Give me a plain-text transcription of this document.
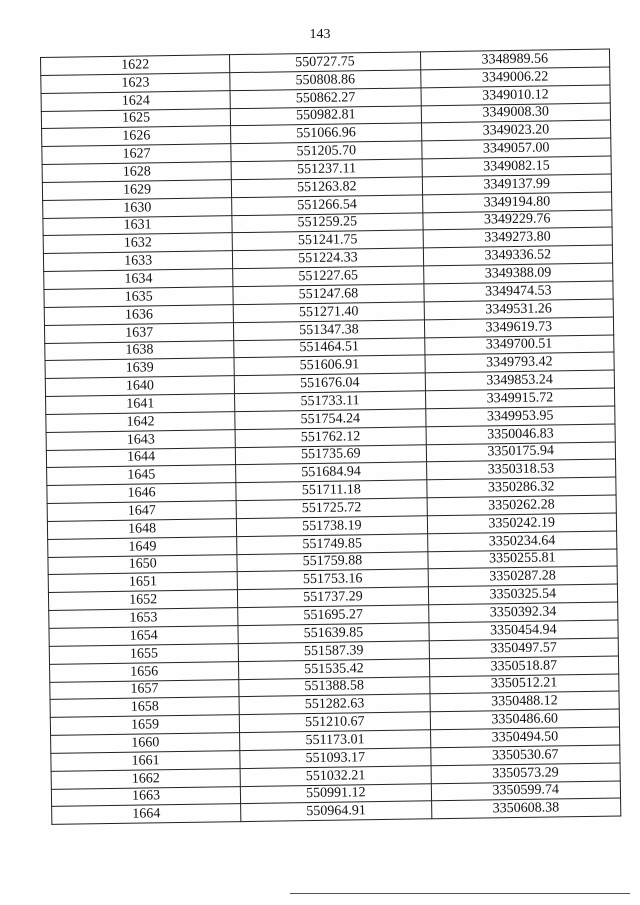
143
1622	550727.75	3348989.56
1623	550808.86	3349006.22
1624	550862.27	3349010.12
1625	550982.81	3349008.30
1626	551066.96	3349023.20
1627	551205.70	3349057.00
1628	551237.11	3349082.15
1629	551263.82	3349137.99
1630	551266.54	3349194.80
1631	551259.25	3349229.76
1632	551241.75	3349273.80
1633	551224.33	3349336.52
1634	551227.65	3349388.09
1635	551247.68	3349474.53
1636	551271.40	3349531.26
1637	551347.38	3349619.73
1638	551464.51	3349700.51
1639	551606.91	3349793.42
1640	551676.04	3349853.24
1641	551733.11	3349915.72
1642	551754.24	3349953.95
1643	551762.12	3350046.83
1644	551735.69	3350175.94
1645	551684.94	3350318.53
1646	551711.18	3350286.32
1647	551725.72	3350262.28
1648	551738.19	3350242.19
1649	551749.85	3350234.64
1650	551759.88	3350255.81
1651	551753.16	3350287.28
1652	551737.29	3350325.54
1653	551695.27	3350392.34
1654	551639.85	3350454.94
1655	551587.39	3350497.57
1656	551535.42	3350518.87
1657	551388.58	3350512.21
1658	551282.63	3350488.12
1659	551210.67	3350486.60
1660	551173.01	3350494.50
1661	551093.17	3350530.67
1662	551032.21	3350573.29
1663	550991.12	3350599.74
1664	550964.91	3350608.38
